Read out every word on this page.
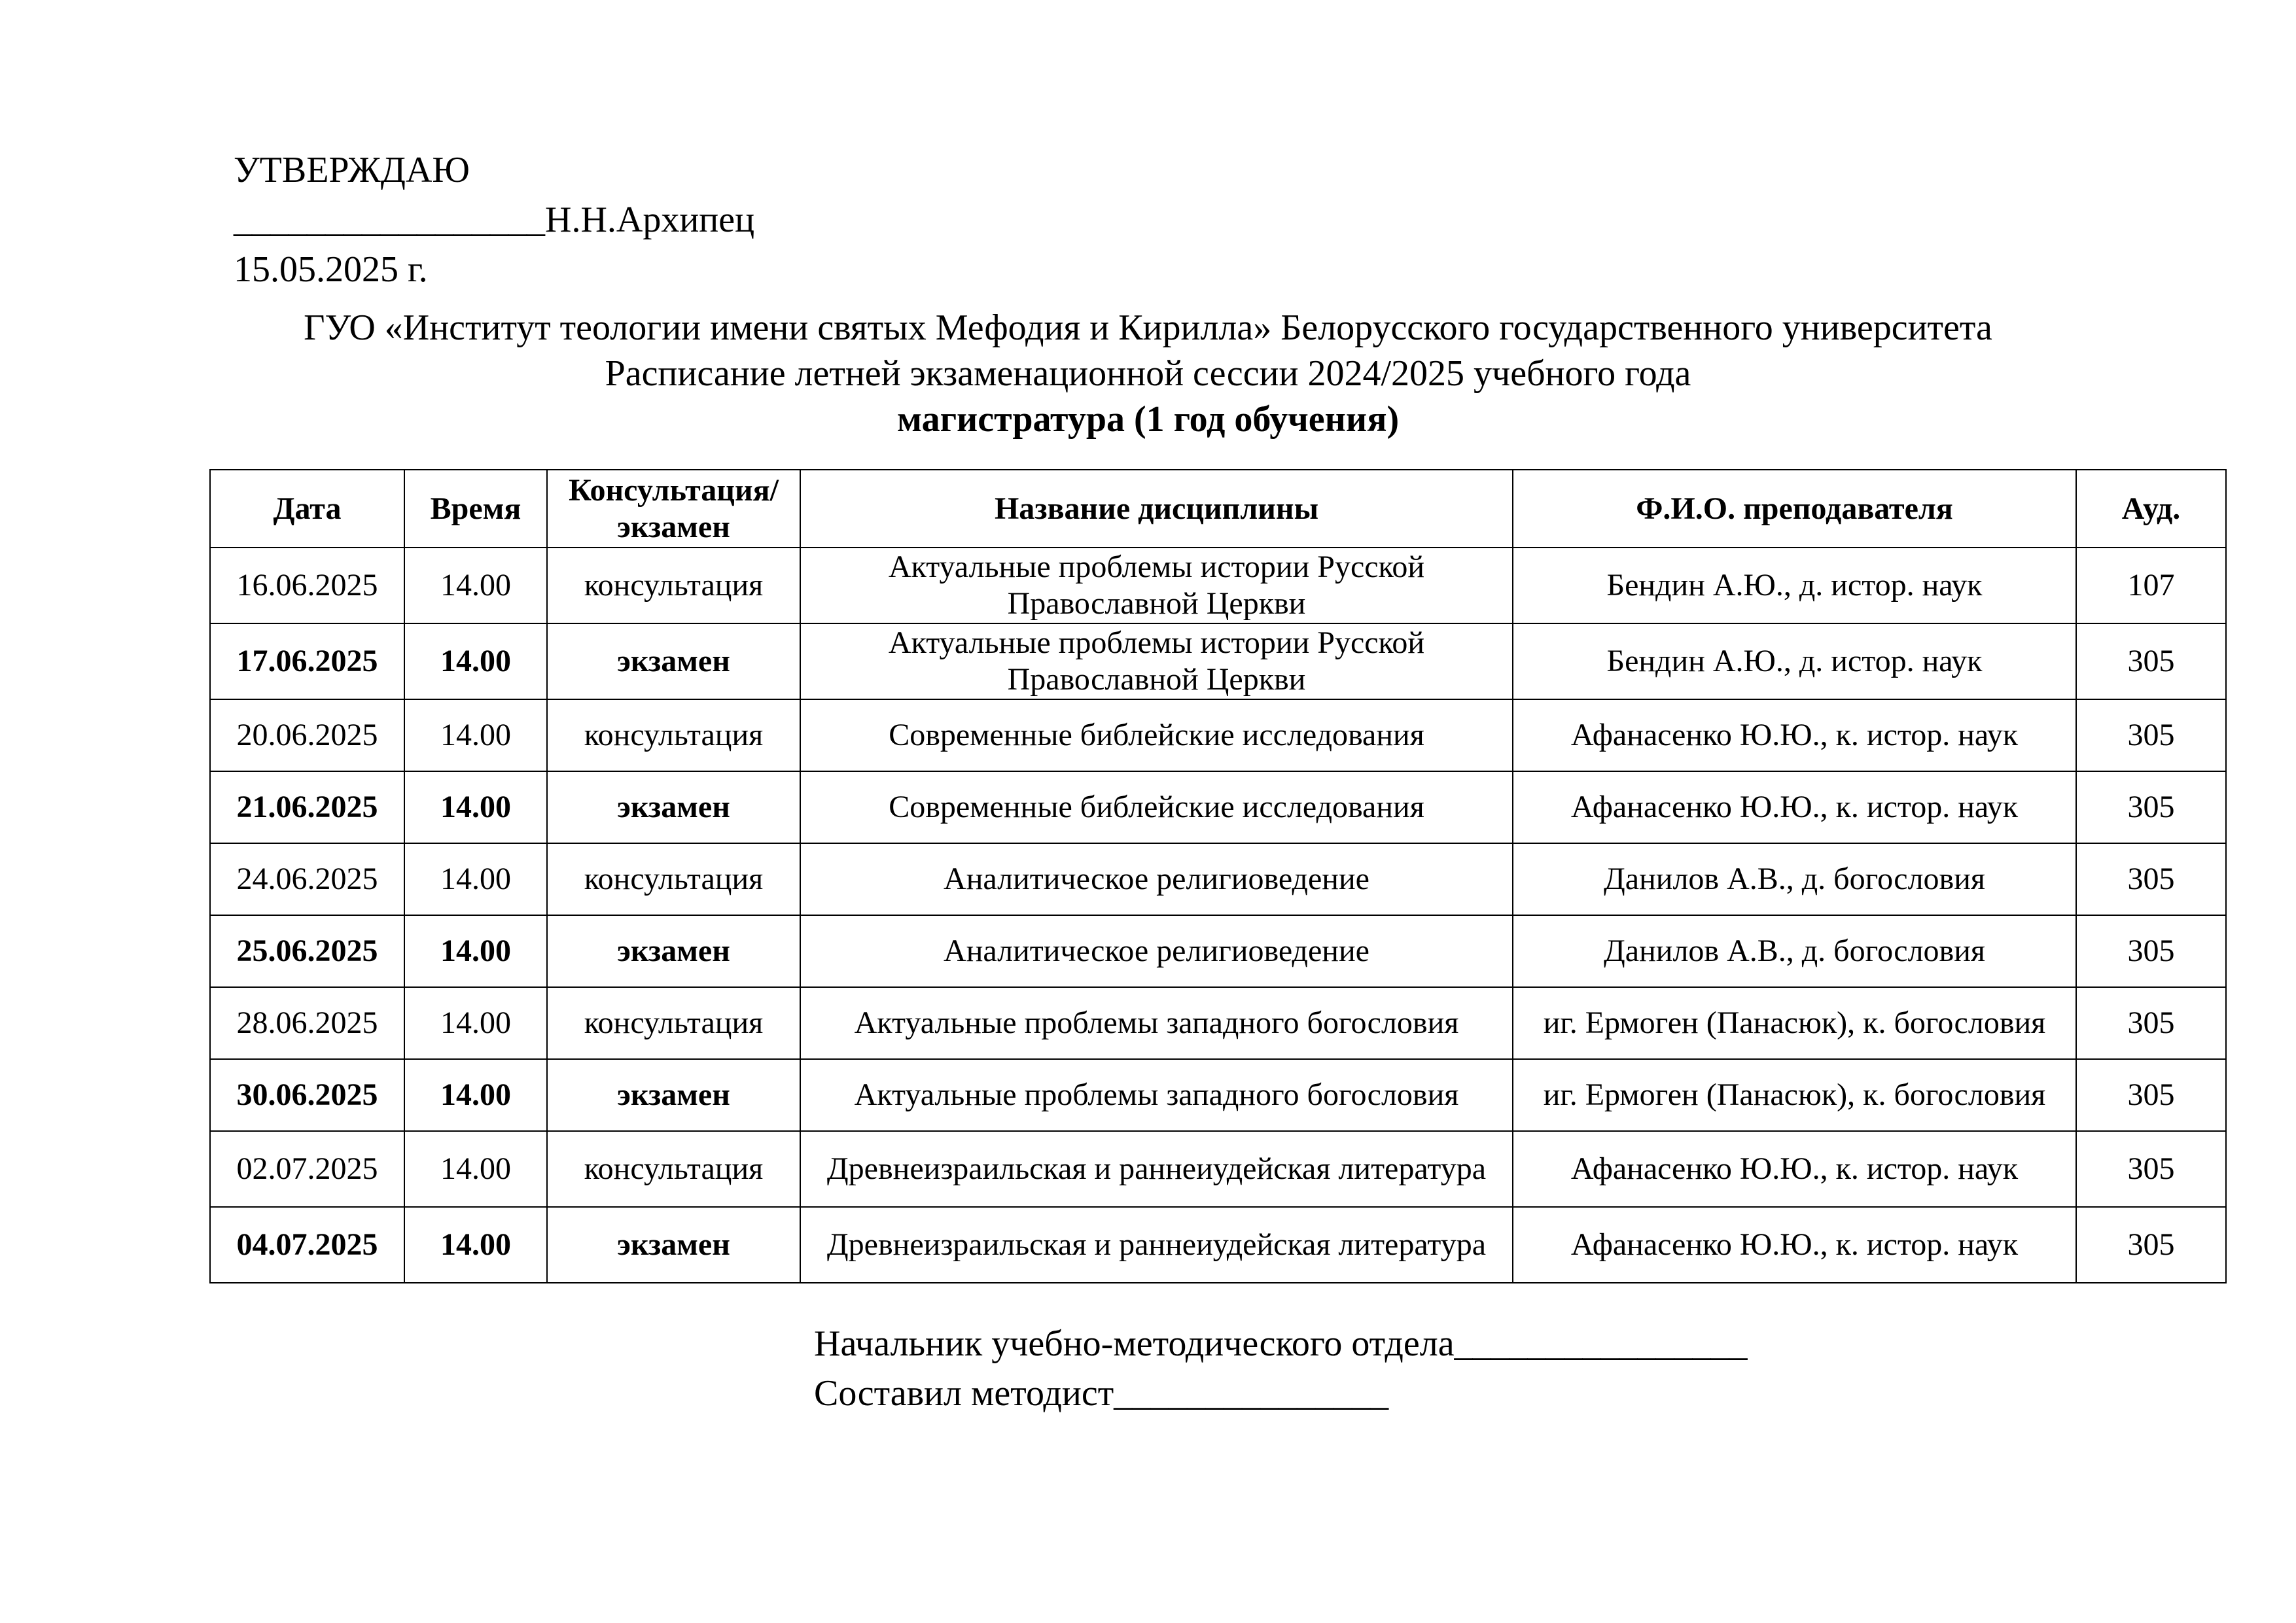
УТВЕРЖДАЮ
_________________Н.Н.Архипец
15.05.2025 г.
ГУО «Институт теологии имени святых Мефодия и Кирилла» Белорусского государственного университета
Расписание летней экзаменационной сессии 2024/2025 учебного года
магистратура (1 год обучения)
Дата	Время	Консультация/ экзамен	Название дисциплины	Ф.И.О. преподавателя	Ауд.
16.06.2025	14.00	консультация	Актуальные проблемы истории Русской Православной Церкви	Бендин А.Ю., д. истор. наук	107
17.06.2025	14.00	экзамен	Актуальные проблемы истории Русской Православной Церкви	Бендин А.Ю., д. истор. наук	305
20.06.2025	14.00	консультация	Современные библейские исследования	Афанасенко Ю.Ю., к. истор. наук	305
21.06.2025	14.00	экзамен	Современные библейские исследования	Афанасенко Ю.Ю., к. истор. наук	305
24.06.2025	14.00	консультация	Аналитическое религиоведение	Данилов А.В., д. богословия	305
25.06.2025	14.00	экзамен	Аналитическое религиоведение	Данилов А.В., д. богословия	305
28.06.2025	14.00	консультация	Актуальные проблемы западного богословия	иг. Ермоген (Панасюк), к. богословия	305
30.06.2025	14.00	экзамен	Актуальные проблемы западного богословия	иг. Ермоген (Панасюк), к. богословия	305
02.07.2025	14.00	консультация	Древнеизраильская и раннеиудейская литература	Афанасенко Ю.Ю., к. истор. наук	305
04.07.2025	14.00	экзамен	Древнеизраильская и раннеиудейская литература	Афанасенко Ю.Ю., к. истор. наук	305
Начальник учебно-методического отдела________________
Составил методист_______________
